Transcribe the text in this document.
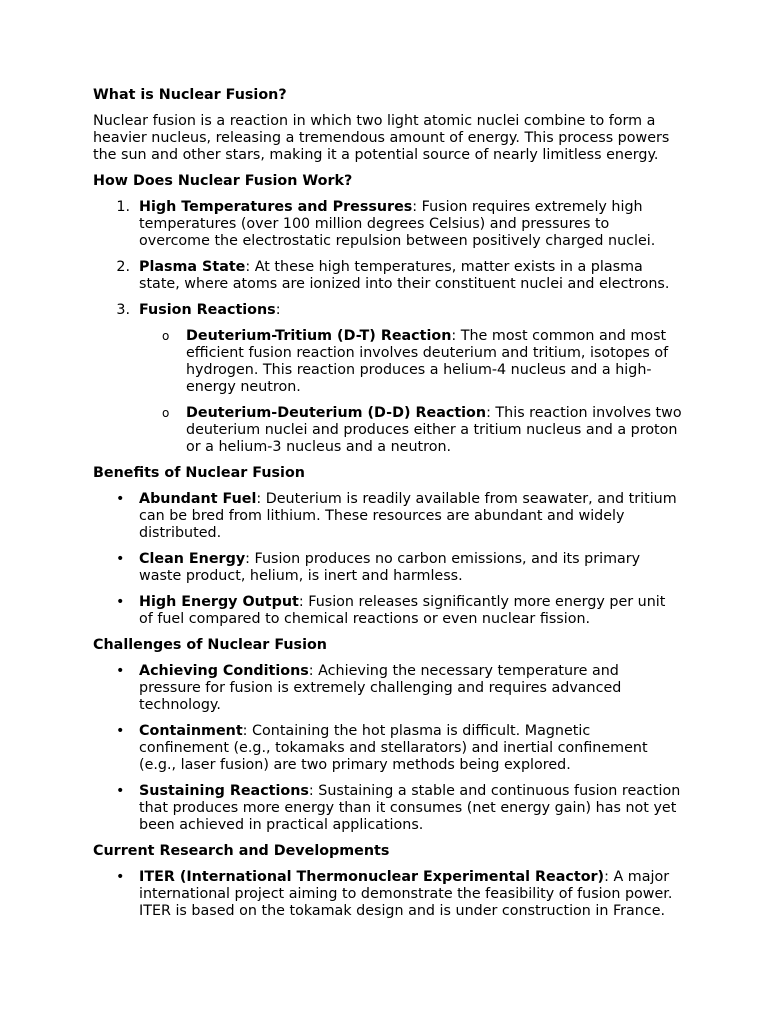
What is Nuclear Fusion?

Nuclear fusion is a reaction in which two light atomic nuclei combine to form a heavier nucleus, releasing a tremendous amount of energy. This process powers the sun and other stars, making it a potential source of nearly limitless energy.

How Does Nuclear Fusion Work?

1. High Temperatures and Pressures: Fusion requires extremely high temperatures (over 100 million degrees Celsius) and pressures to overcome the electrostatic repulsion between positively charged nuclei.
2. Plasma State: At these high temperatures, matter exists in a plasma state, where atoms are ionized into their constituent nuclei and electrons.
3. Fusion Reactions:
o Deuterium-Tritium (D-T) Reaction: The most common and most efficient fusion reaction involves deuterium and tritium, isotopes of hydrogen. This reaction produces a helium-4 nucleus and a high-energy neutron.
o Deuterium-Deuterium (D-D) Reaction: This reaction involves two deuterium nuclei and produces either a tritium nucleus and a proton or a helium-3 nucleus and a neutron.

Benefits of Nuclear Fusion

• Abundant Fuel: Deuterium is readily available from seawater, and tritium can be bred from lithium. These resources are abundant and widely distributed.
• Clean Energy: Fusion produces no carbon emissions, and its primary waste product, helium, is inert and harmless.
• High Energy Output: Fusion releases significantly more energy per unit of fuel compared to chemical reactions or even nuclear fission.

Challenges of Nuclear Fusion

• Achieving Conditions: Achieving the necessary temperature and pressure for fusion is extremely challenging and requires advanced technology.
• Containment: Containing the hot plasma is difficult. Magnetic confinement (e.g., tokamaks and stellarators) and inertial confinement (e.g., laser fusion) are two primary methods being explored.
• Sustaining Reactions: Sustaining a stable and continuous fusion reaction that produces more energy than it consumes (net energy gain) has not yet been achieved in practical applications.

Current Research and Developments

• ITER (International Thermonuclear Experimental Reactor): A major international project aiming to demonstrate the feasibility of fusion power. ITER is based on the tokamak design and is under construction in France.
